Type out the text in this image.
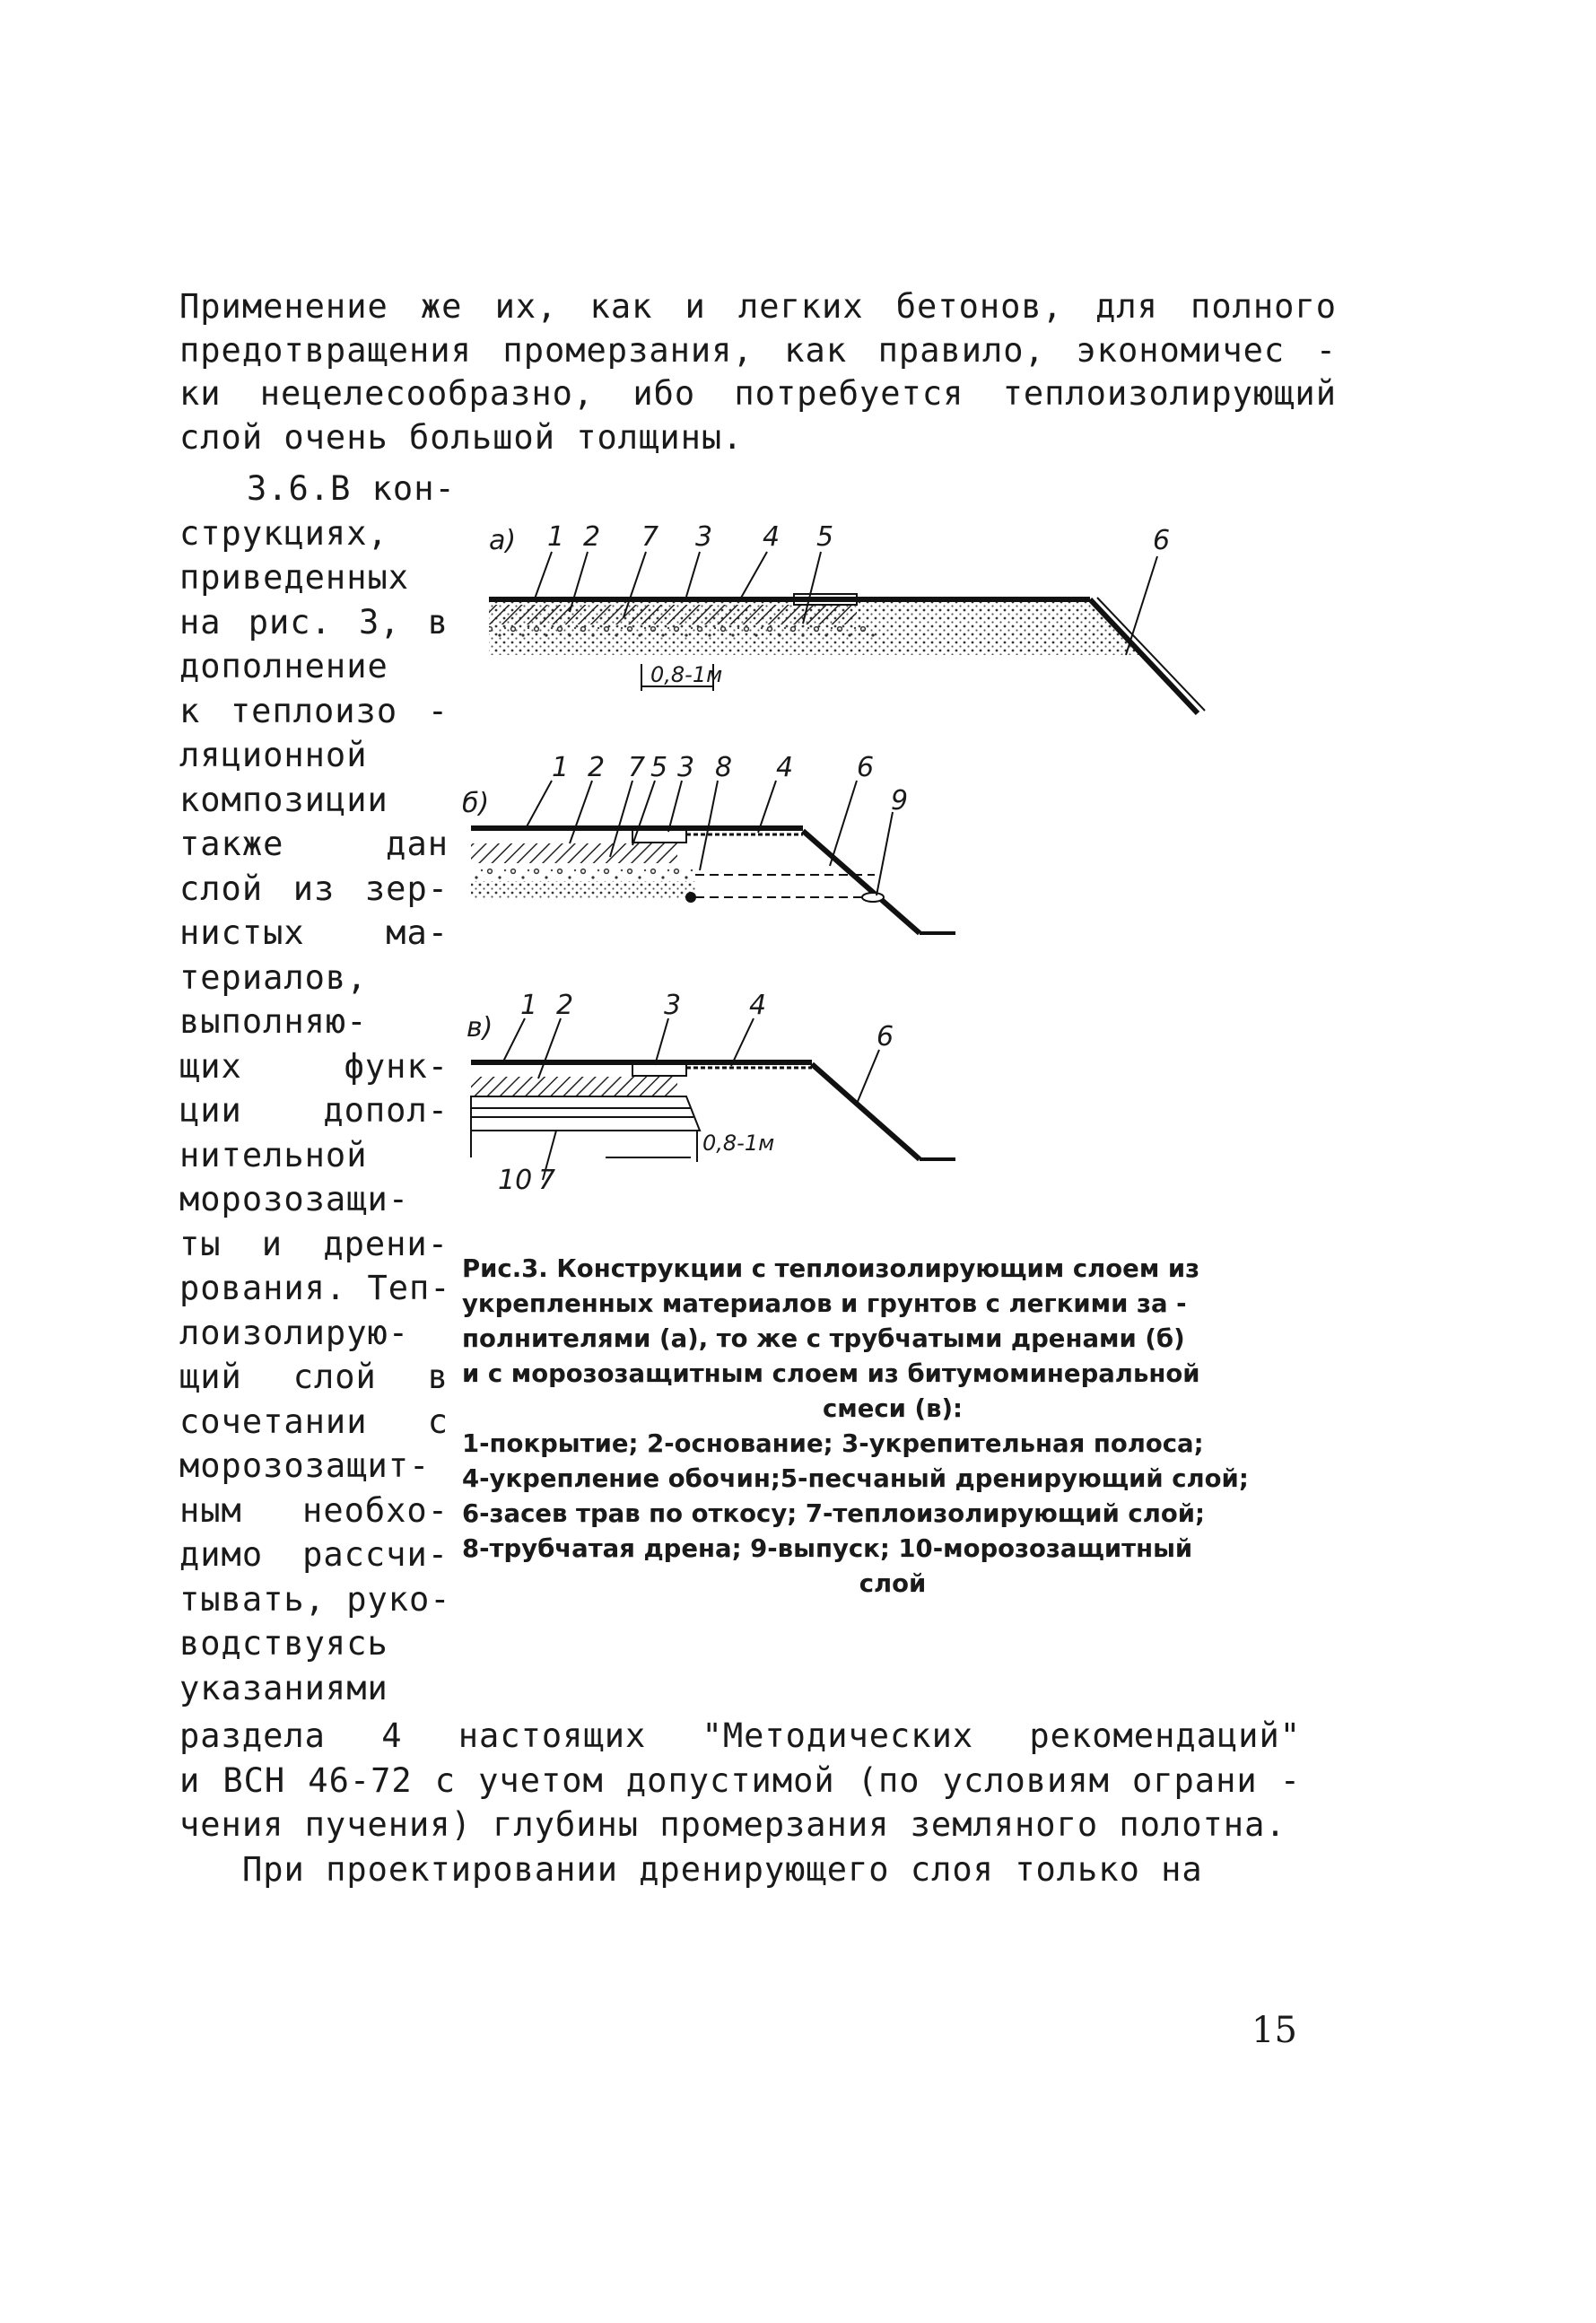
Применение же их, как и легких бетонов, для полного
предотвращения промерзания, как правило, экономичес -
ки нецелесообразно, ибо потребуется теплоизолирующий
слой очень большой толщины.
3.6.В кон-
струкциях,
приведенных
на рис. 3, в
дополнение
к теплоизо -
ляционной
композиции
также дан
слой из зер-
нистых ма-
териалов,
выполняю-
щих функ-
ции допол-
нительной
морозозащи-
ты и дрени-
рования. Теп-
лоизолирую-
щий слой в
сочетании с
морозозащит-
ным необхо-
димо рассчи-
тывать, руко-
водствуясь
указаниями
а)
0,8-1м
1 2 7 3 4 5	6
б)
1 2 7 5 3 8 4 6
9
в)
0,8-1м
1 2	3	4
6
10 7
Рис.3. Конструкции с теплоизолирующим слоем из
укрепленных материалов и грунтов с легкими за -
полнителями (а), то же с трубчатыми дренами (б)
и с морозозащитным слоем из битумоминеральной
смеси (в):
1-покрытие; 2-основание; 3-укрепительная полоса;
4-укрепление обочин;5-песчаный дренирующий слой;
6-засев трав по откосу; 7-теплоизолирующий слой;
8-трубчатая дрена; 9-выпуск; 10-морозозащитный
слой
раздела 4 настоящих "Методических рекомендаций"
и ВСН 46-72 с учетом допустимой (по условиям ограни -
чения пучения) глубины промерзания земляного полотна.
При проектировании дренирующего слоя только на
15
